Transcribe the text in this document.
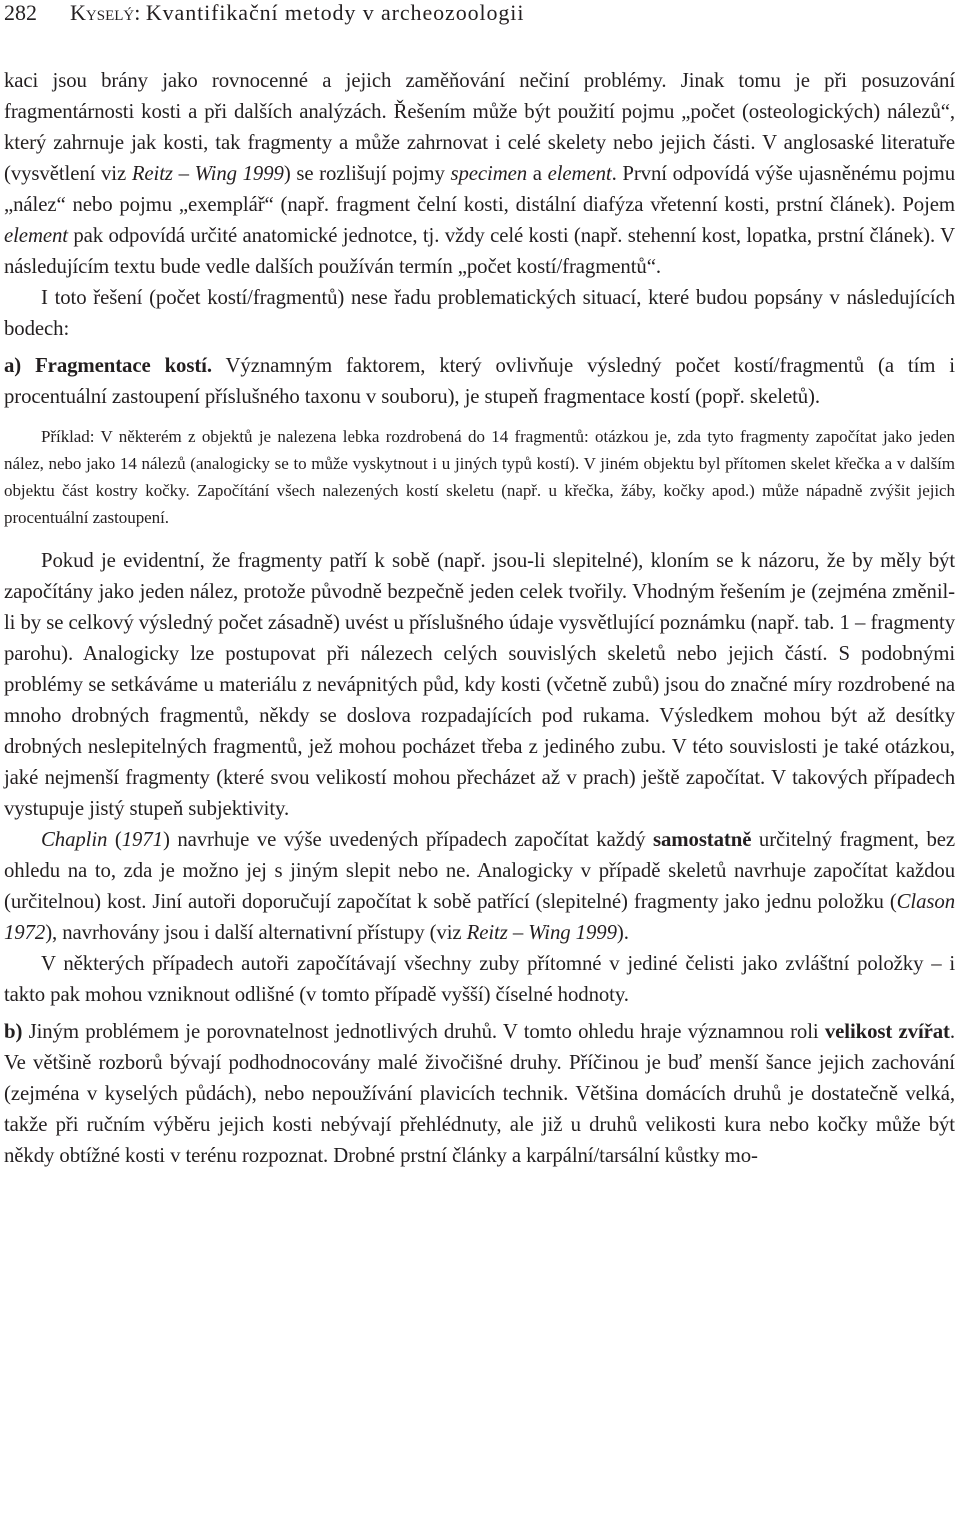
282 Kyselý: Kvantifikační metody v archeozoologii

kaci jsou brány jako rovnocenné a jejich zaměňování nečiní problémy. Jinak tomu je při posuzování fragmentárnosti kosti a při dalších analýzách. Řešením může být použití pojmu „počet (osteologických) nálezů“, který zahrnuje jak kosti, tak fragmenty a může zahrnovat i celé skelety nebo jejich části. V anglosaské literatuře (vysvětlení viz Reitz – Wing 1999) se rozlišují pojmy specimen a element. První odpovídá výše ujasněnému pojmu „nález“ nebo pojmu „exemplář“ (např. fragment čelní kosti, distální diafýza vřetenní kosti, prstní článek). Pojem element pak odpovídá určité anatomické jednotce, tj. vždy celé kosti (např. stehenní kost, lopatka, prstní článek). V následujícím textu bude vedle dalších používán termín „počet kostí/fragmentů“.

I toto řešení (počet kostí/fragmentů) nese řadu problematických situací, které budou popsány v následujících bodech:

a) Fragmentace kostí. Významným faktorem, který ovlivňuje výsledný počet kostí/fragmentů (a tím i procentuální zastoupení příslušného taxonu v souboru), je stupeň fragmentace kostí (popř. skeletů).

Příklad: V některém z objektů je nalezena lebka rozdrobená do 14 fragmentů: otázkou je, zda tyto fragmenty započítat jako jeden nález, nebo jako 14 nálezů (analogicky se to může vyskytnout i u jiných typů kostí). V jiném objektu byl přítomen skelet křečka a v dalším objektu část kostry kočky. Započítání všech nalezených kostí skeletu (např. u křečka, žáby, kočky apod.) může nápadně zvýšit jejich procentuální zastoupení.

Pokud je evidentní, že fragmenty patří k sobě (např. jsou-li slepitelné), kloním se k názoru, že by měly být započítány jako jeden nález, protože původně bezpečně jeden celek tvořily. Vhodným řešením je (zejména změnil-li by se celkový výsledný počet zásadně) uvést u příslušného údaje vysvětlující poznámku (např. tab. 1 – fragmenty parohu). Analogicky lze postupovat při nálezech celých souvislých skeletů nebo jejich částí. S podobnými problémy se setkáváme u materiálu z nevápnitých půd, kdy kosti (včetně zubů) jsou do značné míry rozdrobené na mnoho drobných fragmentů, někdy se doslova rozpadajících pod rukama. Výsledkem mohou být až desítky drobných neslepitelných fragmentů, jež mohou pocházet třeba z jediného zubu. V této souvislosti je také otázkou, jaké nejmenší fragmenty (které svou velikostí mohou přecházet až v prach) ještě započítat. V takových případech vystupuje jistý stupeň subjektivity.

Chaplin (1971) navrhuje ve výše uvedených případech započítat každý samostatně určitelný fragment, bez ohledu na to, zda je možno jej s jiným slepit nebo ne. Analogicky v případě skeletů navrhuje započítat každou (určitelnou) kost. Jiní autoři doporučují započítat k sobě patřící (slepitelné) fragmenty jako jednu položku (Clason 1972), navrhovány jsou i další alternativní přístupy (viz Reitz – Wing 1999).

V některých případech autoři započítávají všechny zuby přítomné v jediné čelisti jako zvláštní položky – i takto pak mohou vzniknout odlišné (v tomto případě vyšší) číselné hodnoty.

b) Jiným problémem je porovnatelnost jednotlivých druhů. V tomto ohledu hraje významnou roli velikost zvířat. Ve většině rozborů bývají podhodnocovány malé živočišné druhy. Příčinou je buď menší šance jejich zachování (zejména v kyselých půdách), nebo nepoužívání plavicích technik. Většina domácích druhů je dostatečně velká, takže při ručním výběru jejich kosti nebývají přehlédnuty, ale již u druhů velikosti kura nebo kočky může být někdy obtížné kosti v terénu rozpoznat. Drobné prstní články a karpální/tarsální kůstky mo-
